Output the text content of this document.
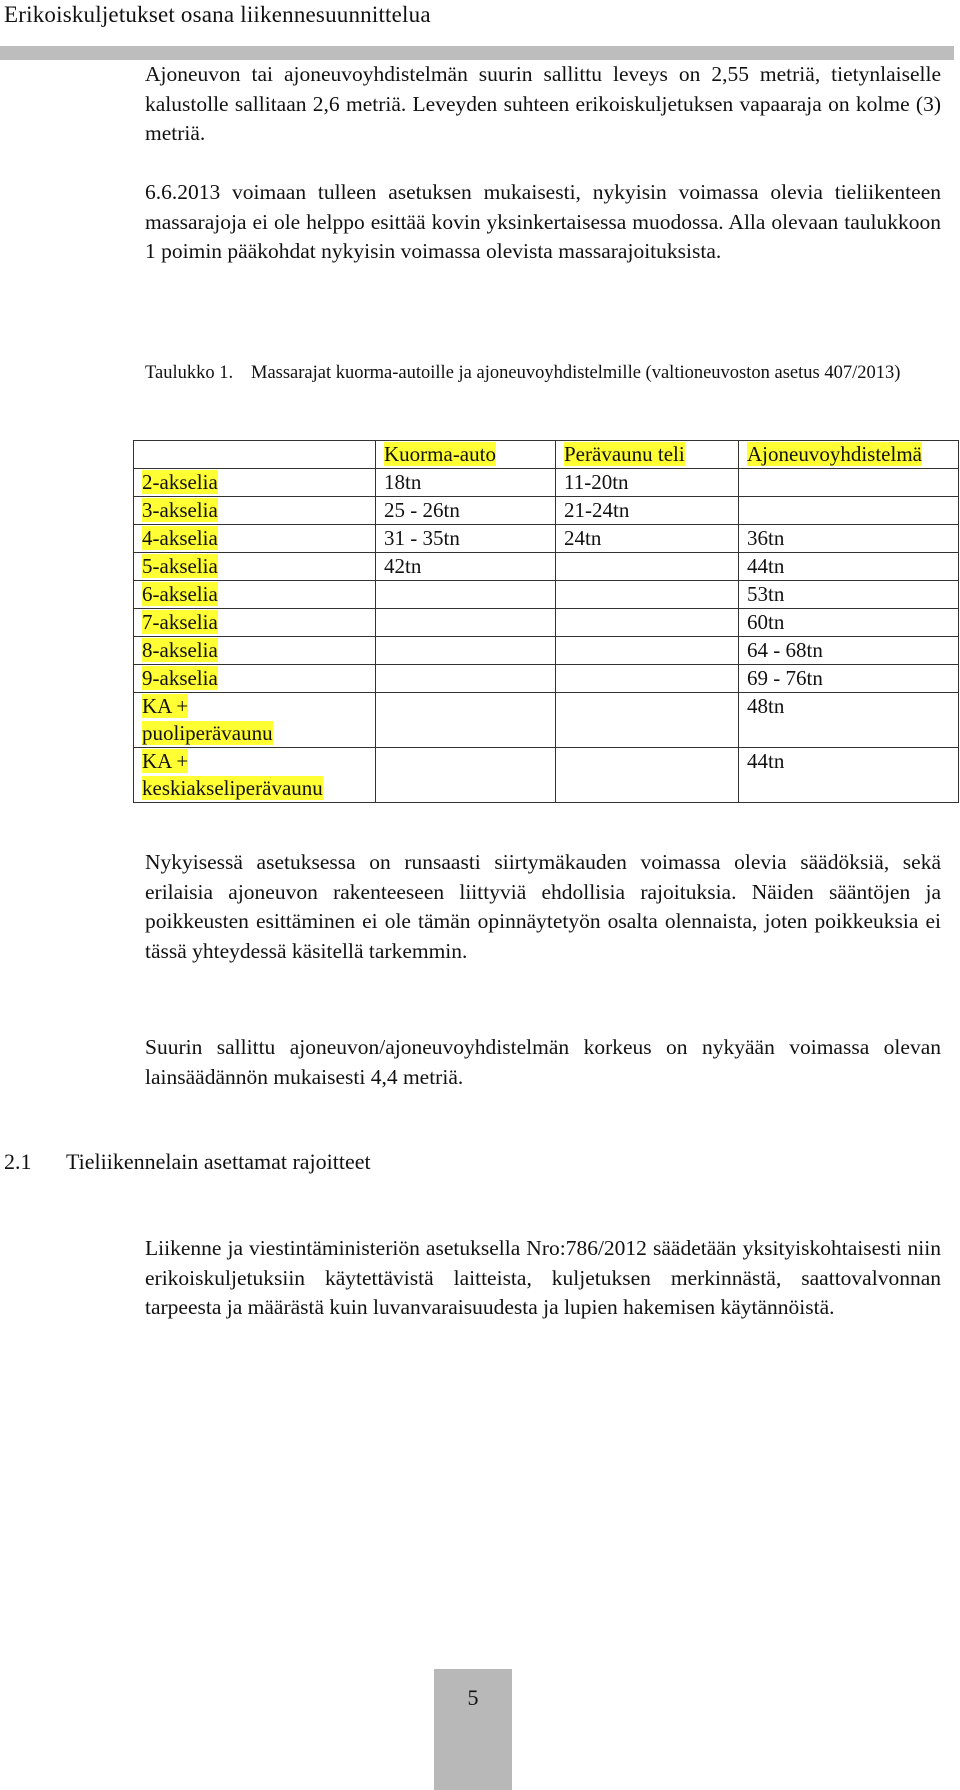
Erikoiskuljetukset osana liikennesuunnittelua

Ajoneuvon tai ajoneuvoyhdistelmän suurin sallittu leveys on 2,55 metriä, tietynlaiselle kalustolle sallitaan 2,6 metriä. Leveyden suhteen erikoiskuljetuksen vapaaraja on kolme (3) metriä.

6.6.2013 voimaan tulleen asetuksen mukaisesti, nykyisin voimassa olevia tieliikenteen massarajoja ei ole helppo esittää kovin yksinkertaisessa muodossa. Alla olevaan taulukkoon 1 poimin pääkohdat nykyisin voimassa olevista massarajoituksista.

Taulukko 1. Massarajat kuorma-autoille ja ajoneuvoyhdistelmille (valtioneuvoston asetus 407/2013)
	Kuorma-auto	Perävaunu teli	Ajoneuvoyhdistelmä
2-akselia	18tn	11-20tn	
3-akselia	25 - 26tn	21-24tn	
4-akselia	31 - 35tn	24tn	36tn
5-akselia	42tn		44tn
6-akselia			53tn
7-akselia			60tn
8-akselia			64 - 68tn
9-akselia			69 - 76tn
KA +
puoliperävaunu			48tn
KA +
keskiakseliperävaunu			44tn

Nykyisessä asetuksessa on runsaasti siirtymäkauden voimassa olevia säädöksiä, sekä erilaisia ajoneuvon rakenteeseen liittyviä ehdollisia rajoituksia. Näiden sääntöjen ja poikkeusten esittäminen ei ole tämän opinnäytetyön osalta olennaista, joten poikkeuksia ei tässä yhteydessä käsitellä tarkemmin.

Suurin sallittu ajoneuvon/ajoneuvoyhdistelmän korkeus on nykyään voimassa olevan lainsäädännön mukaisesti 4,4 metriä.

2.1 Tieliikennelain asettamat rajoitteet

Liikenne ja viestintäministeriön asetuksella Nro:786/2012 säädetään yksityiskohtaisesti niin erikoiskuljetuksiin käytettävistä laitteista, kuljetuksen merkinnästä, saattovalvonnan tarpeesta ja määrästä kuin luvanvaraisuudesta ja lupien hakemisen käytännöistä.

5
